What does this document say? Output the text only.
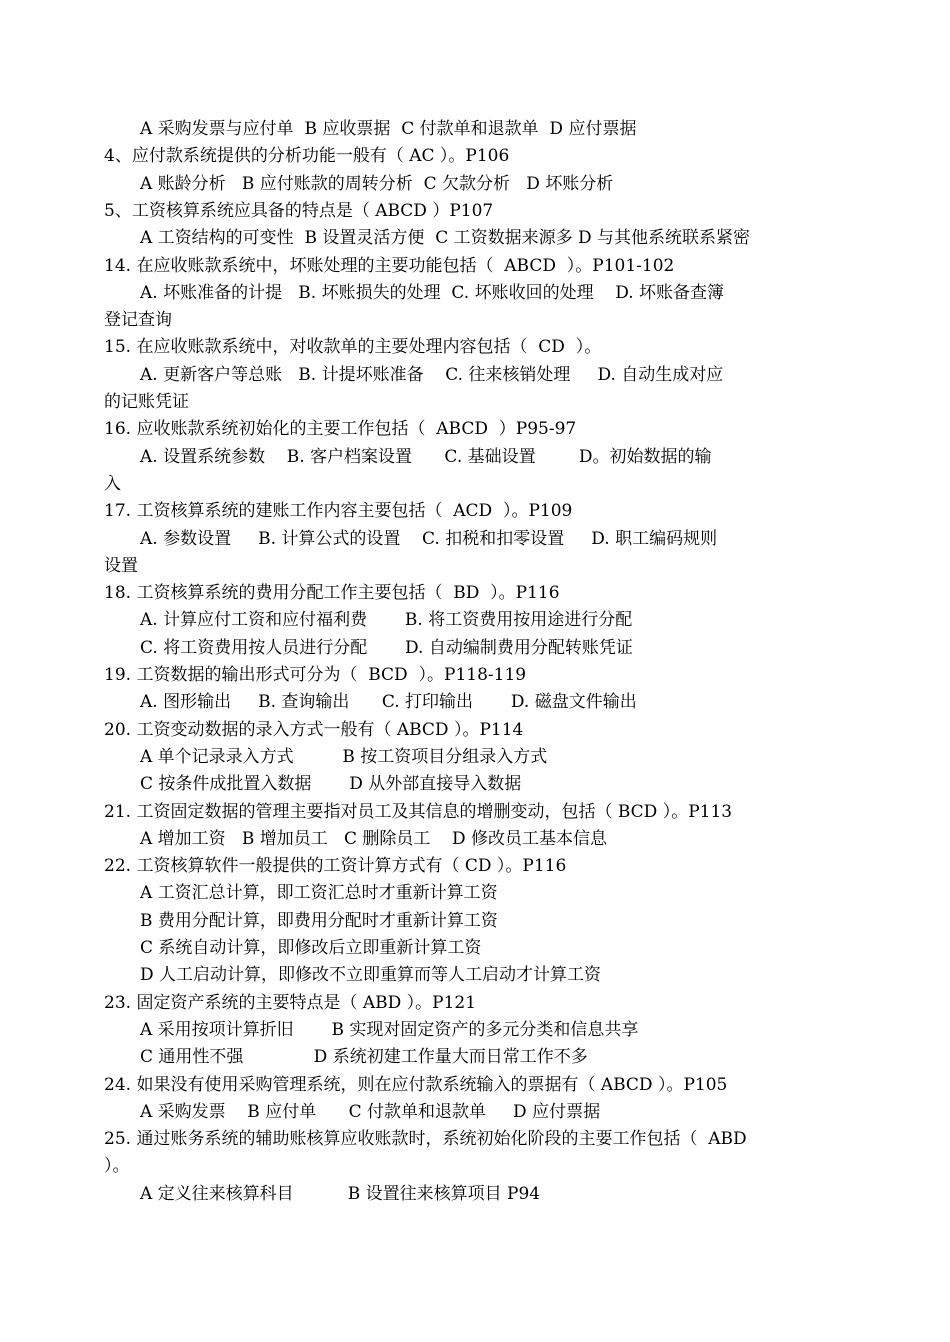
A 采购发票与应付单  B 应收票据  C 付款单和退款单  D 应付票据
4、应付款系统提供的分析功能一般有（ AC ）。P106
A 账龄分析   B 应付账款的周转分析  C 欠款分析   D 坏账分析
5、工资核算系统应具备的特点是（ ABCD ）P107
A 工资结构的可变性  B 设置灵活方便  C 工资数据来源多 D 与其他系统联系紧密
14. 在应收账款系统中，坏账处理的主要功能包括（  ABCD  ）。P101-102
A. 坏账准备的计提   B. 坏账损失的处理  C. 坏账收回的处理    D. 坏账备查簿
登记查询
15. 在应收账款系统中，对收款单的主要处理内容包括（  CD  ）。
A. 更新客户等总账   B. 计提坏账准备    C. 往来核销处理     D. 自动生成对应
的记账凭证
16. 应收账款系统初始化的主要工作包括（  ABCD  ）P95-97
A. 设置系统参数    B. 客户档案设置      C. 基础设置        D。初始数据的输
入
17. 工资核算系统的建账工作内容主要包括（  ACD  ）。P109
A. 参数设置     B. 计算公式的设置    C. 扣税和扣零设置     D. 职工编码规则
设置
18. 工资核算系统的费用分配工作主要包括（  BD  ）。P116
A. 计算应付工资和应付福利费       B. 将工资费用按用途进行分配
C. 将工资费用按人员进行分配       D. 自动编制费用分配转账凭证
19. 工资数据的输出形式可分为（  BCD  ）。P118-119
A. 图形输出     B. 查询输出      C. 打印输出       D. 磁盘文件输出
20. 工资变动数据的录入方式一般有（ ABCD ）。P114
A 单个记录录入方式         B 按工资项目分组录入方式
C 按条件成批置入数据       D 从外部直接导入数据
21. 工资固定数据的管理主要指对员工及其信息的增删变动，包括（ BCD ）。P113
A 增加工资   B 增加员工   C 删除员工    D 修改员工基本信息
22. 工资核算软件一般提供的工资计算方式有（ CD ）。P116
A 工资汇总计算，即工资汇总时才重新计算工资
B 费用分配计算，即费用分配时才重新计算工资
C 系统自动计算，即修改后立即重新计算工资
D 人工启动计算，即修改不立即重算而等人工启动才计算工资
23. 固定资产系统的主要特点是（ ABD ）。P121
A 采用按项计算折旧       B 实现对固定资产的多元分类和信息共享
C 通用性不强             D 系统初建工作量大而日常工作不多
24. 如果没有使用采购管理系统，则在应付款系统输入的票据有（ ABCD ）。P105
A 采购发票    B 应付单      C 付款单和退款单     D 应付票据
25. 通过账务系统的辅助账核算应收账款时，系统初始化阶段的主要工作包括（  ABD
）。
A 定义往来核算科目          B 设置往来核算项目 P94
